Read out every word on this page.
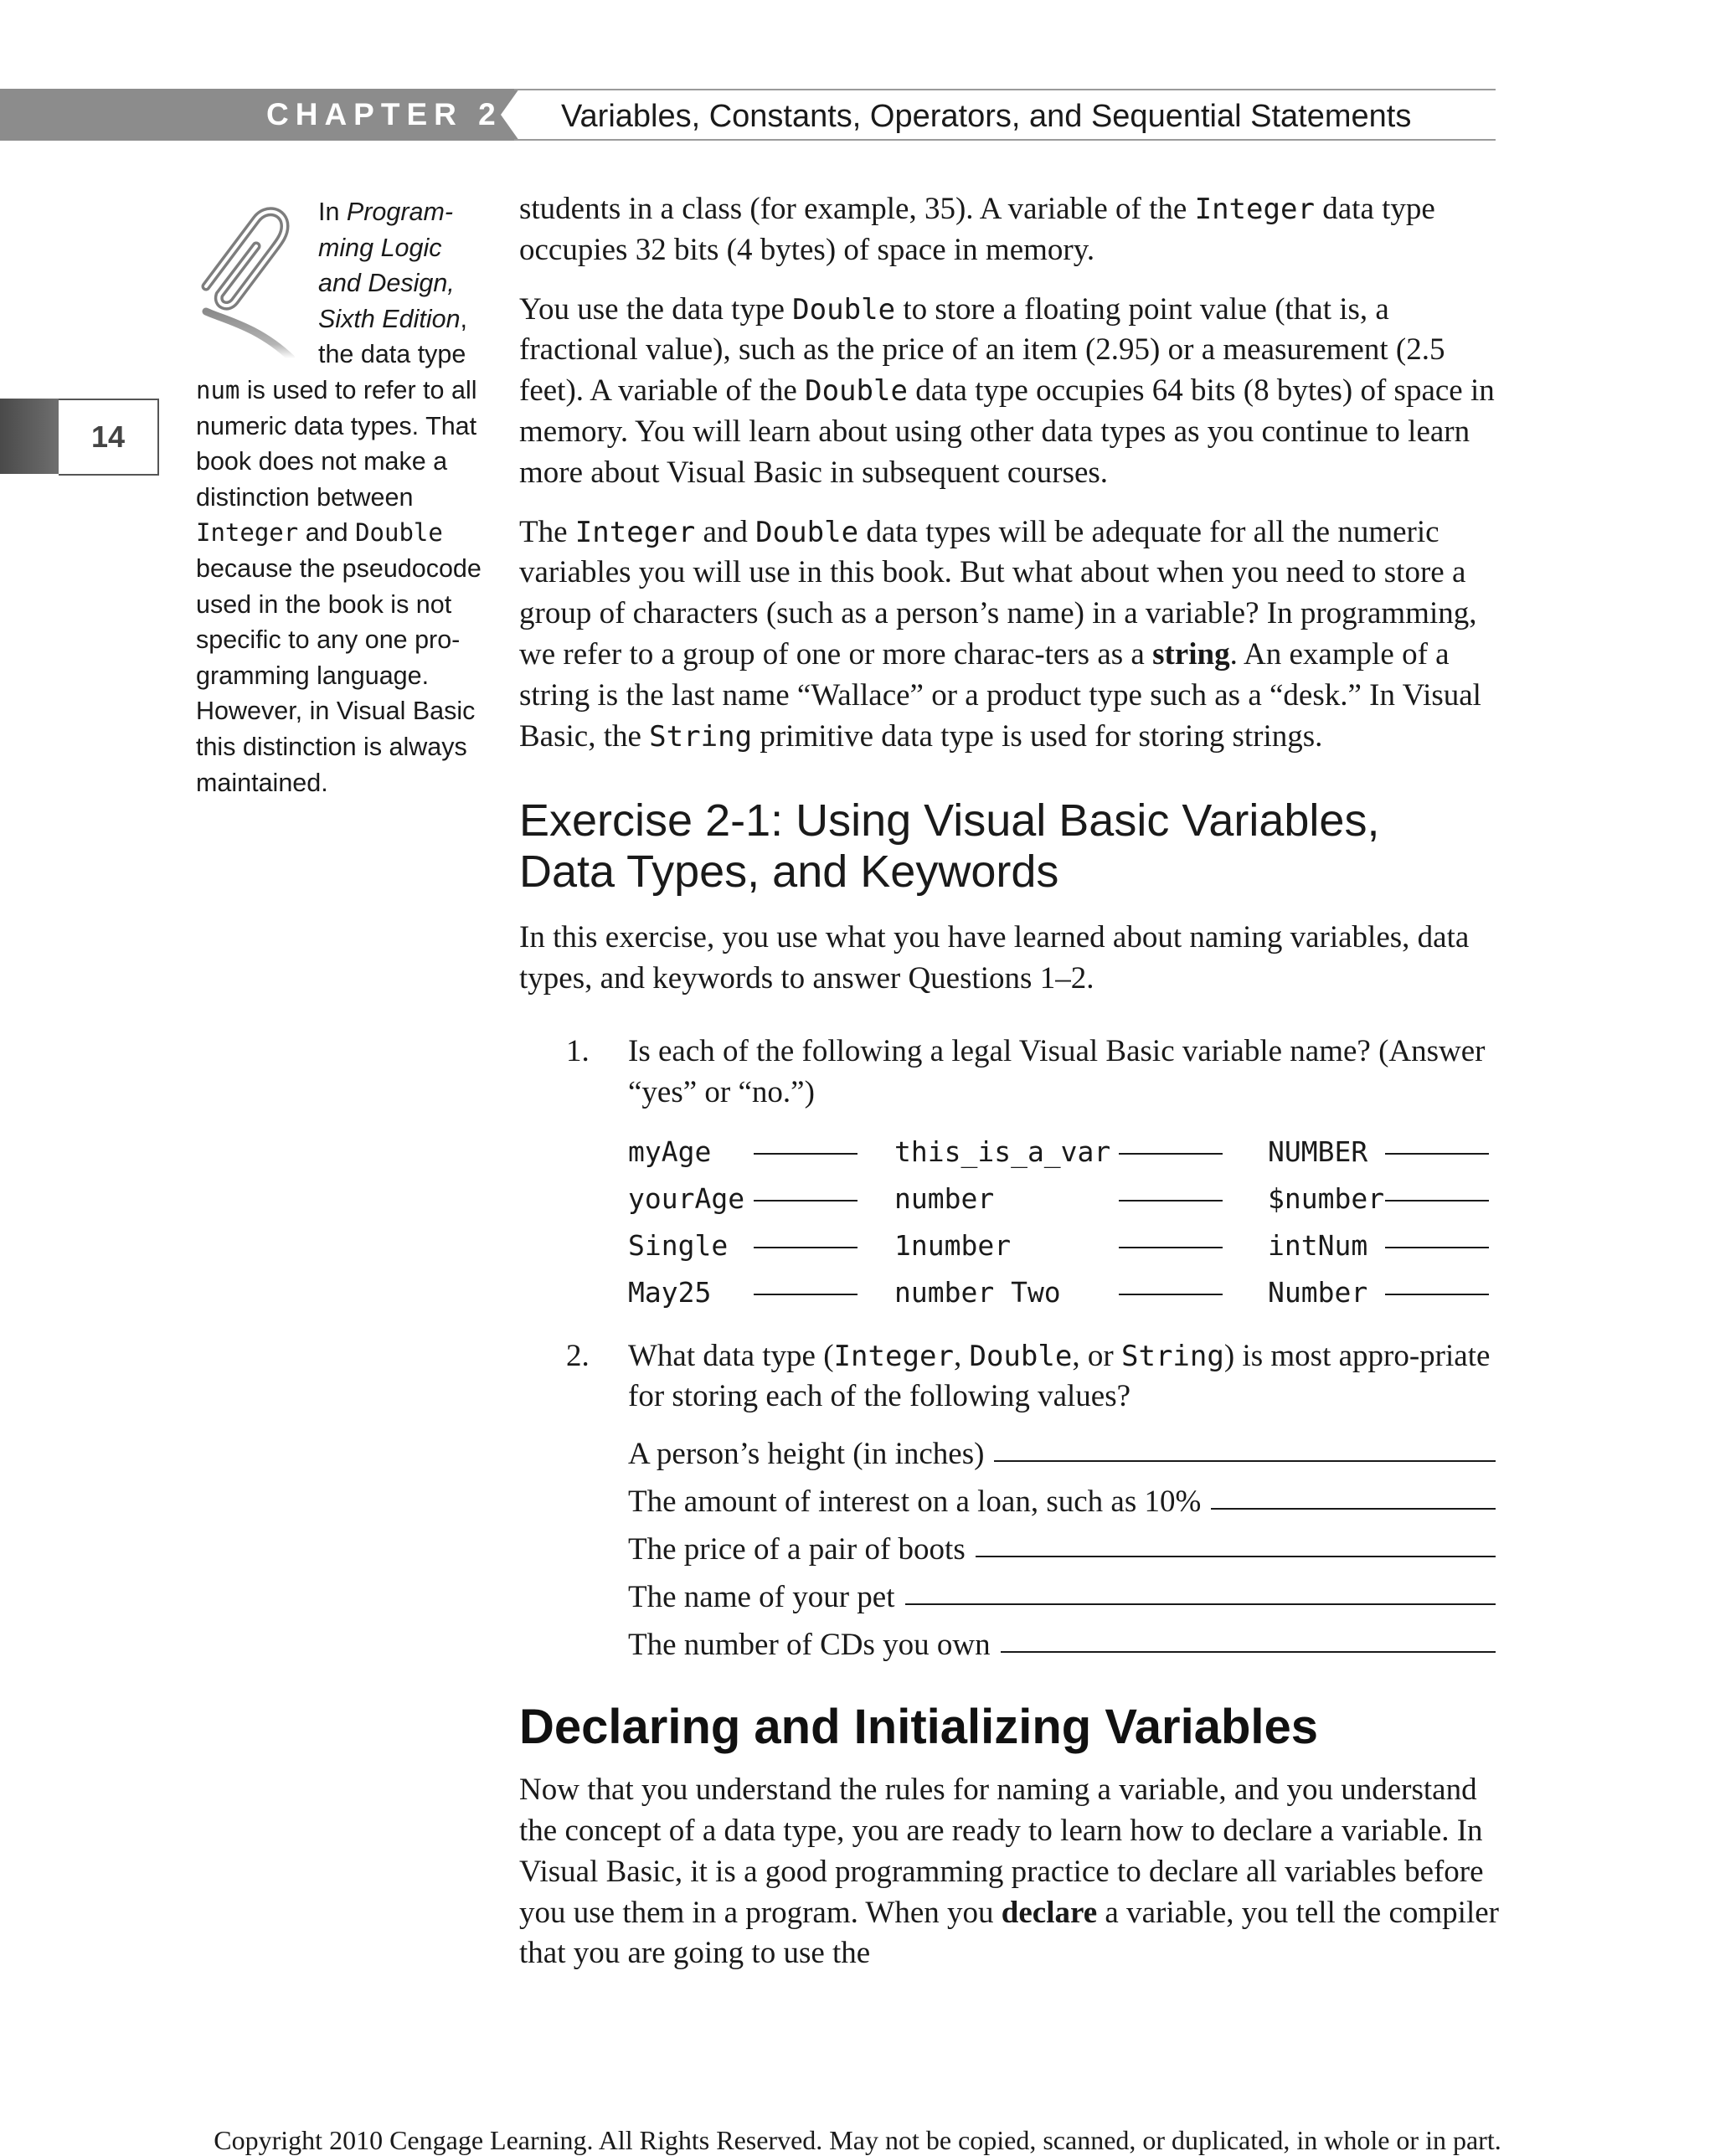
CHAPTER 2 Variables, Constants, Operators, and Sequential Statements
14
In Program-ming Logic and Design, Sixth Edition, the data type
num is used to refer to all numeric data types. That book does not make a distinction between Integer and Double because the pseudocode used in the book is not specific to any one pro-gramming language. However, in Visual Basic this distinction is always maintained.

students in a class (for example, 35). A variable of the Integer data type occupies 32 bits (4 bytes) of space in memory.

You use the data type Double to store a floating point value (that is, a fractional value), such as the price of an item (2.95) or a measurement (2.5 feet). A variable of the Double data type occupies 64 bits (8 bytes) of space in memory. You will learn about using other data types as you continue to learn more about Visual Basic in subsequent courses.

The Integer and Double data types will be adequate for all the numeric variables you will use in this book. But what about when you need to store a group of characters (such as a person’s name) in a variable? In programming, we refer to a group of one or more charac-ters as a string. An example of a string is the last name “Wallace” or a product type such as a “desk.” In Visual Basic, the String primitive data type is used for storing strings.

Exercise 2-1: Using Visual Basic Variables,
Data Types, and Keywords

In this exercise, you use what you have learned about naming variables, data types, and keywords to answer Questions 1–2.

1. Is each of the following a legal Visual Basic variable name? (Answer “yes” or “no.”)
myAge		this_is_a_var		NUMBER	
yourAge		number		$number	
Single		1number		intNum	
May25		number Two		Number	
2. What data type (Integer, Double, or String) is most appro-priate for storing each of the following values?
A person’s height (in inches)
The amount of interest on a loan, such as 10%
The price of a pair of boots
The name of your pet
The number of CDs you own
Declaring and Initializing Variables

Now that you understand the rules for naming a variable, and you understand the concept of a data type, you are ready to learn how to declare a variable. In Visual Basic, it is a good programming practice to declare all variables before you use them in a program. When you declare a variable, you tell the compiler that you are going to use the

Copyright 2010 Cengage Learning. All Rights Reserved. May not be copied, scanned, or duplicated, in whole or in part.
